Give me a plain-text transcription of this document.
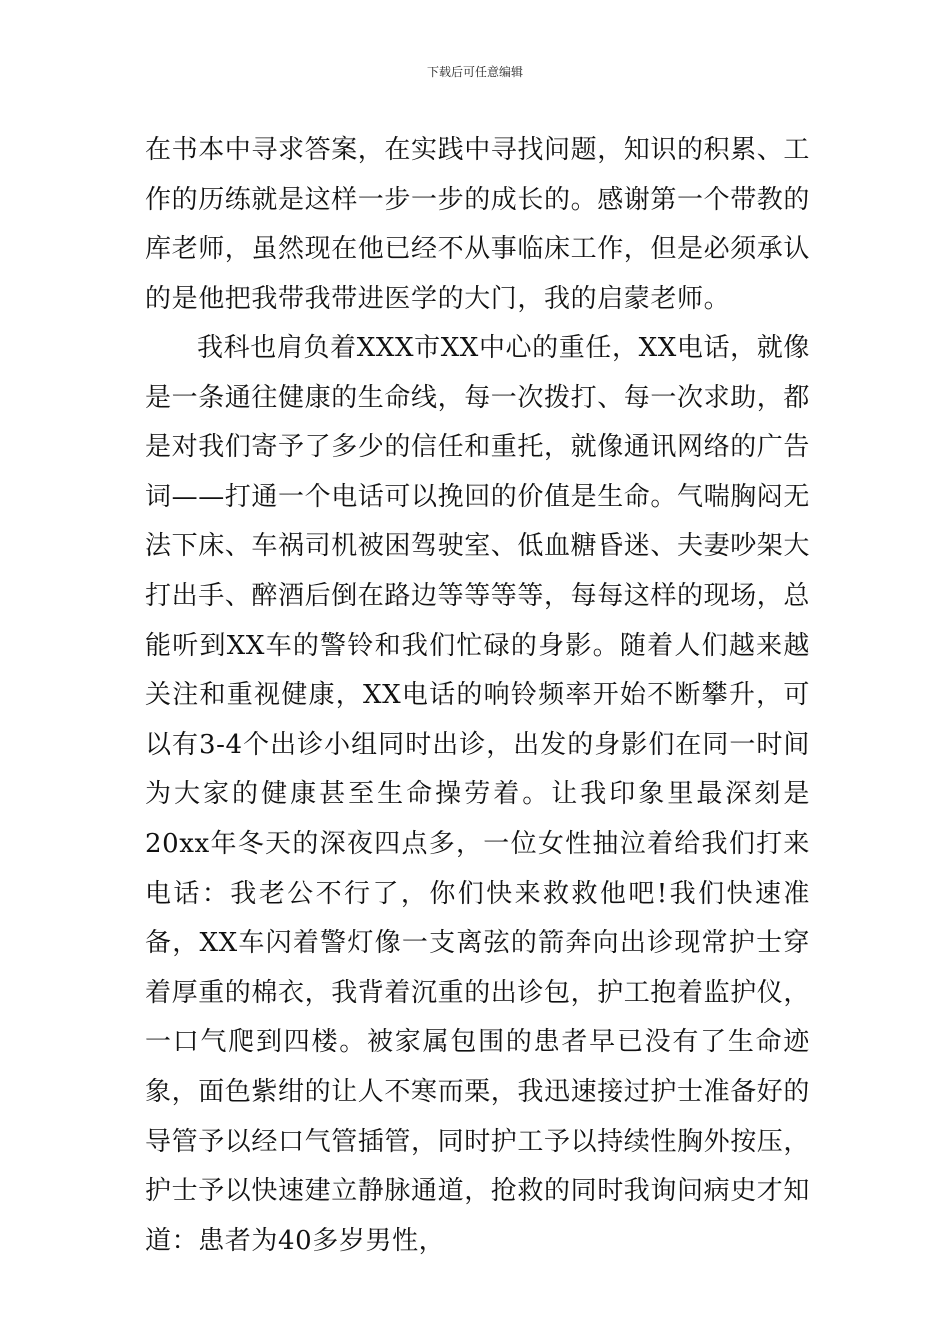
下载后可任意编辑

在书本中寻求答案，在实践中寻找问题，知识的积累、工作的历练就是这样一步一步的成长的。感谢第一个带教的库老师，虽然现在他已经不从事临床工作，但是必须承认的是他把我带我带进医学的大门，我的启蒙老师。

我科也肩负着XXX市XX中心的重任，XX电话，就像是一条通往健康的生命线，每一次拨打、每一次求助，都是对我们寄予了多少的信任和重托，就像通讯网络的广告词——打通一个电话可以挽回的价值是生命。气喘胸闷无法下床、车祸司机被困驾驶室、低血糖昏迷、夫妻吵架大打出手、醉酒后倒在路边等等等等，每每这样的现场，总能听到XX车的警铃和我们忙碌的身影。随着人们越来越关注和重视健康，XX电话的响铃频率开始不断攀升，可以有3-4个出诊小组同时出诊，出发的身影们在同一时间为大家的健康甚至生命操劳着。让我印象里最深刻是20xx年冬天的深夜四点多，一位女性抽泣着给我们打来电话：我老公不行了，你们快来救救他吧!我们快速准备，XX车闪着警灯像一支离弦的箭奔向出诊现常护士穿着厚重的棉衣，我背着沉重的出诊包，护工抱着监护仪，一口气爬到四楼。被家属包围的患者早已没有了生命迹象，面色紫绀的让人不寒而栗，我迅速接过护士准备好的导管予以经口气管插管，同时护工予以持续性胸外按压，护士予以快速建立静脉通道，抢救的同时我询问病史才知道：患者为40多岁男性，
